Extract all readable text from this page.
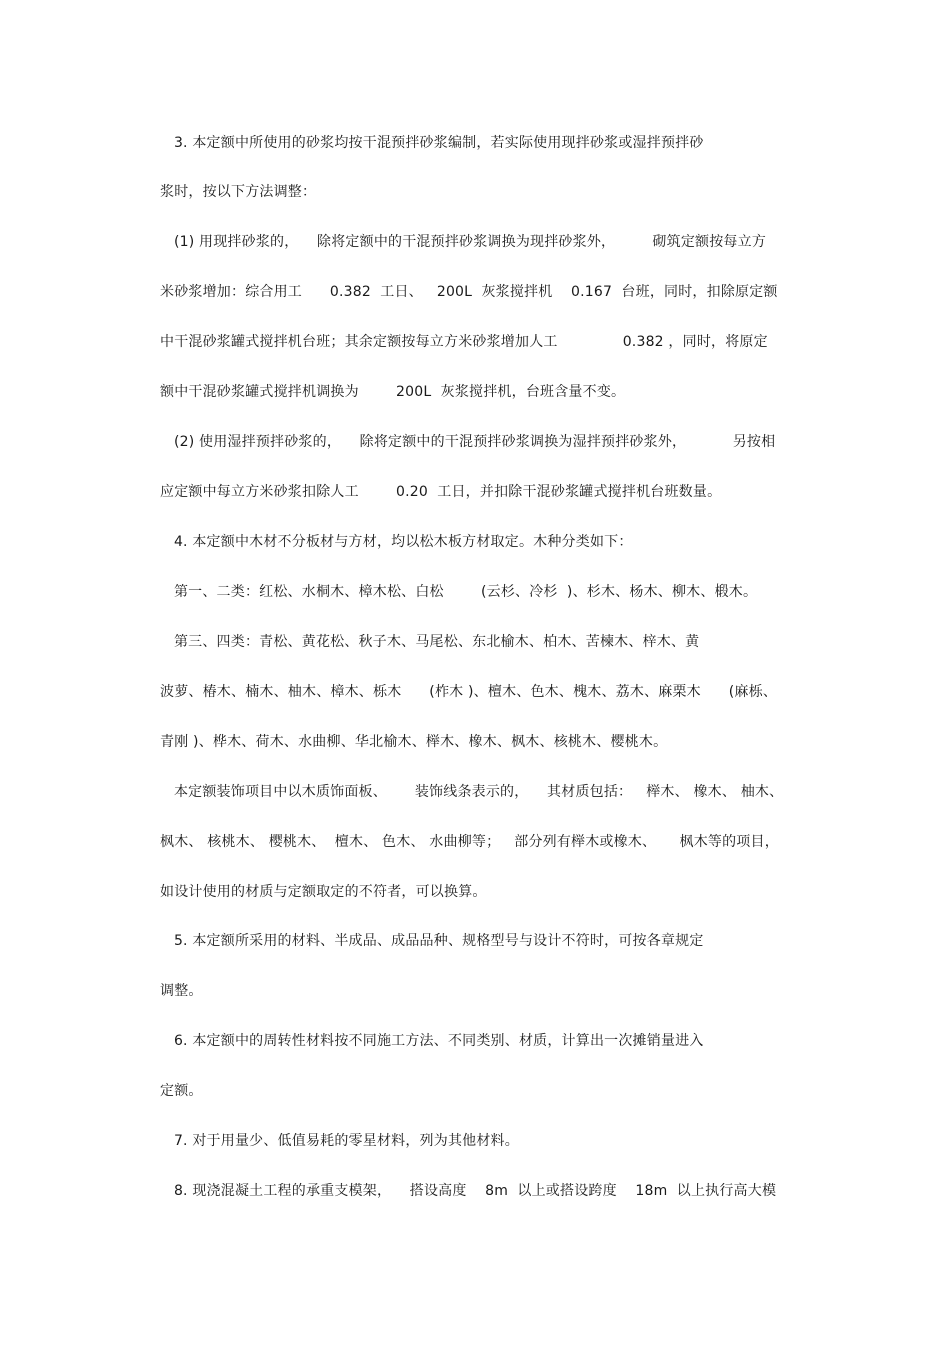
3. 本定额中所使用的砂浆均按干混预拌砂浆编制，若实际使用现拌砂浆或湿拌预拌砂
浆时，按以下方法调整：
(1) 用现拌砂浆的，    除将定额中的干混预拌砂浆调换为现拌砂浆外，        砌筑定额按每立方
米砂浆增加：综合用工      0.382  工日、   200L  灰浆搅拌机    0.167  台班，同时，扣除原定额
中干混砂浆罐式搅拌机台班；其余定额按每立方米砂浆增加人工              0.382 ，同时，将原定
额中干混砂浆罐式搅拌机调换为        200L  灰浆搅拌机，台班含量不变。
(2) 使用湿拌预拌砂浆的，    除将定额中的干混预拌砂浆调换为湿拌预拌砂浆外，          另按相
应定额中每立方米砂浆扣除人工        0.20  工日，并扣除干混砂浆罐式搅拌机台班数量。
4. 本定额中木材不分板材与方材，均以松木板方材取定。木种分类如下：
第一、二类：红松、水桐木、樟木松、白松        (云杉、冷杉  )、杉木、杨木、柳木、椴木。
第三、四类：青松、黄花松、秋子木、马尾松、东北榆木、柏木、苦楝木、梓木、黄
波萝、椿木、楠木、柚木、樟木、栎木      (柞木 )、檀木、色木、槐木、荔木、麻栗木      (麻栎、
青刚 )、桦木、荷木、水曲柳、华北榆木、榉木、橡木、枫木、核桃木、樱桃木。
本定额装饰项目中以木质饰面板、      装饰线条表示的，    其材质包括：   榉木、 橡木、 柚木、
枫木、 核桃木、 樱桃木、  檀木、 色木、 水曲柳等；   部分列有榉木或橡木、     枫木等的项目，
如设计使用的材质与定额取定的不符者，可以换算。
5. 本定额所采用的材料、半成品、成品品种、规格型号与设计不符时，可按各章规定
调整。
6. 本定额中的周转性材料按不同施工方法、不同类别、材质，计算出一次摊销量进入
定额。
7. 对于用量少、低值易耗的零星材料，列为其他材料。
8. 现浇混凝土工程的承重支模架，    搭设高度    8m  以上或搭设跨度    18m  以上执行高大模
